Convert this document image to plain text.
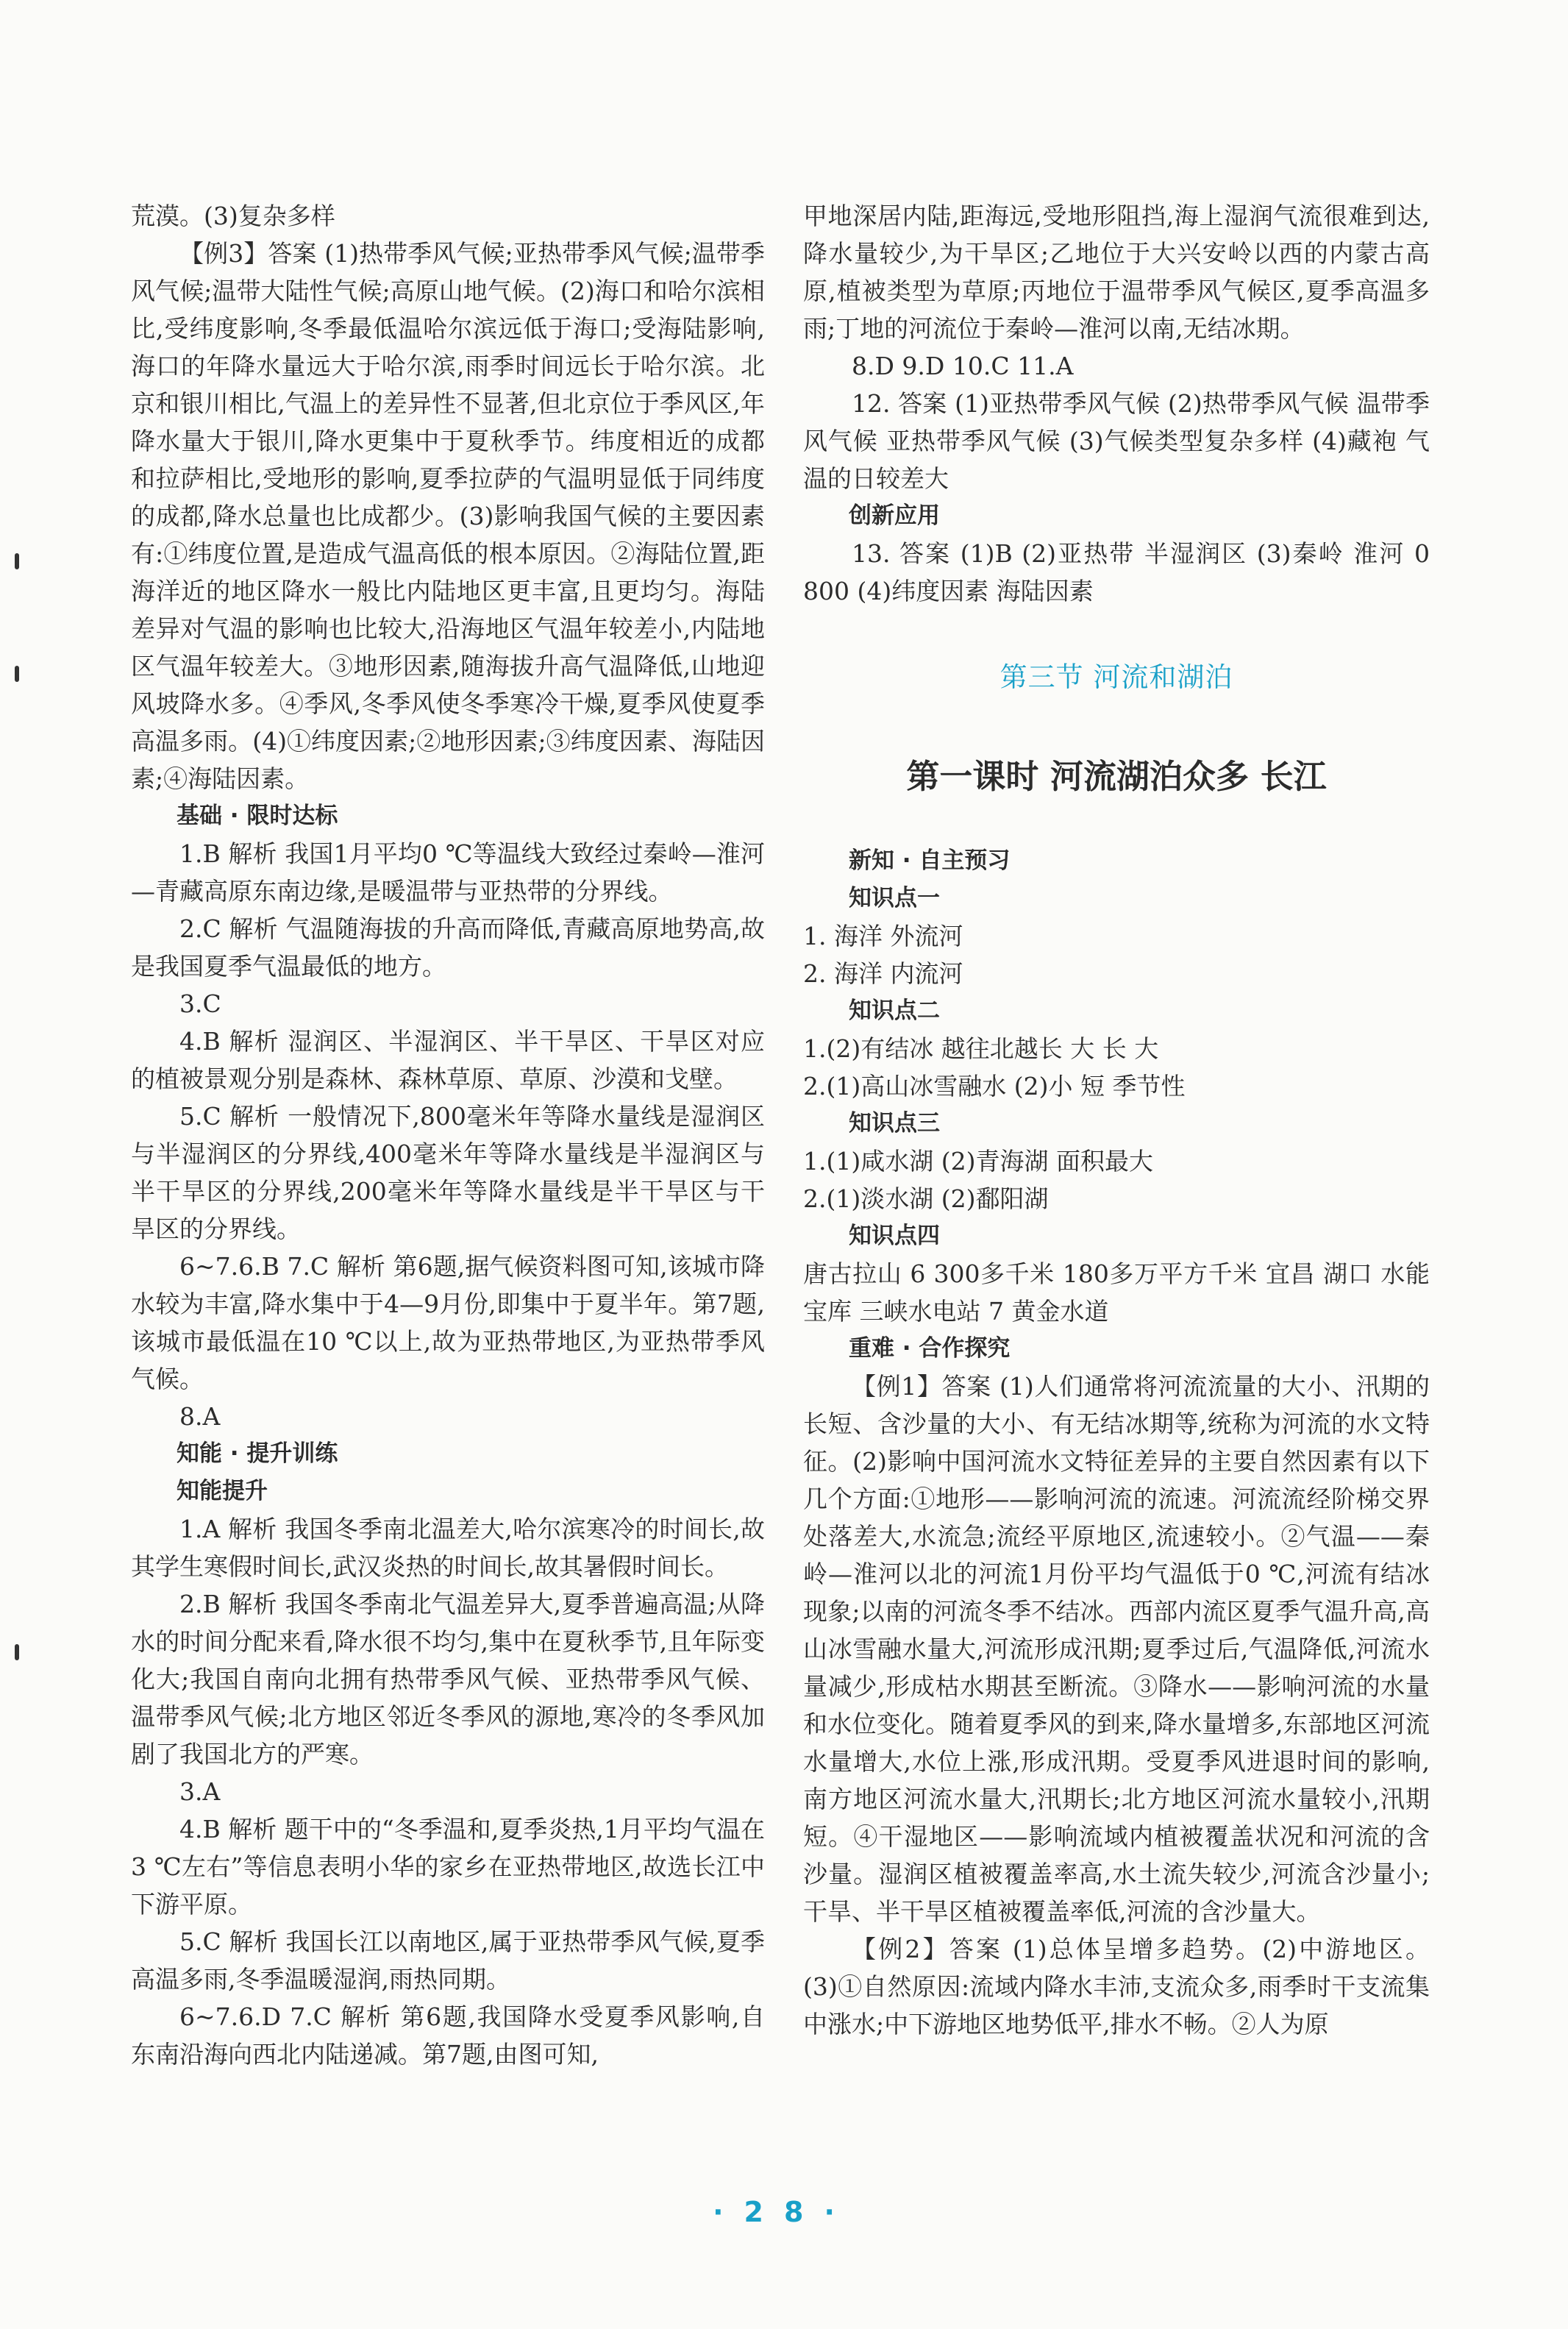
荒漠。(3)复杂多样

【例3】答案 (1)热带季风气候;亚热带季风气候;温带季风气候;温带大陆性气候;高原山地气候。(2)海口和哈尔滨相比,受纬度影响,冬季最低温哈尔滨远低于海口;受海陆影响,海口的年降水量远大于哈尔滨,雨季时间远长于哈尔滨。北京和银川相比,气温上的差异性不显著,但北京位于季风区,年降水量大于银川,降水更集中于夏秋季节。纬度相近的成都和拉萨相比,受地形的影响,夏季拉萨的气温明显低于同纬度的成都,降水总量也比成都少。(3)影响我国气候的主要因素有:①纬度位置,是造成气温高低的根本原因。②海陆位置,距海洋近的地区降水一般比内陆地区更丰富,且更均匀。海陆差异对气温的影响也比较大,沿海地区气温年较差小,内陆地区气温年较差大。③地形因素,随海拔升高气温降低,山地迎风坡降水多。④季风,冬季风使冬季寒冷干燥,夏季风使夏季高温多雨。(4)①纬度因素;②地形因素;③纬度因素、海陆因素;④海陆因素。

基础 · 限时达标

1.B 解析 我国1月平均0 ℃等温线大致经过秦岭—淮河—青藏高原东南边缘,是暖温带与亚热带的分界线。

2.C 解析 气温随海拔的升高而降低,青藏高原地势高,故是我国夏季气温最低的地方。

3.C

4.B 解析 湿润区、半湿润区、半干旱区、干旱区对应的植被景观分别是森林、森林草原、草原、沙漠和戈壁。

5.C 解析 一般情况下,800毫米年等降水量线是湿润区与半湿润区的分界线,400毫米年等降水量线是半湿润区与半干旱区的分界线,200毫米年等降水量线是半干旱区与干旱区的分界线。

6~7.6.B 7.C 解析 第6题,据气候资料图可知,该城市降水较为丰富,降水集中于4—9月份,即集中于夏半年。第7题,该城市最低温在10 ℃以上,故为亚热带地区,为亚热带季风气候。

8.A

知能 · 提升训练

知能提升

1.A 解析 我国冬季南北温差大,哈尔滨寒冷的时间长,故其学生寒假时间长,武汉炎热的时间长,故其暑假时间长。

2.B 解析 我国冬季南北气温差异大,夏季普遍高温;从降水的时间分配来看,降水很不均匀,集中在夏秋季节,且年际变化大;我国自南向北拥有热带季风气候、亚热带季风气候、温带季风气候;北方地区邻近冬季风的源地,寒冷的冬季风加剧了我国北方的严寒。

3.A

4.B 解析 题干中的“冬季温和,夏季炎热,1月平均气温在3 ℃左右”等信息表明小华的家乡在亚热带地区,故选长江中下游平原。

5.C 解析 我国长江以南地区,属于亚热带季风气候,夏季高温多雨,冬季温暖湿润,雨热同期。

6~7.6.D 7.C 解析 第6题,我国降水受夏季风影响,自东南沿海向西北内陆递减。第7题,由图可知,

甲地深居内陆,距海远,受地形阻挡,海上湿润气流很难到达,降水量较少,为干旱区;乙地位于大兴安岭以西的内蒙古高原,植被类型为草原;丙地位于温带季风气候区,夏季高温多雨;丁地的河流位于秦岭—淮河以南,无结冰期。

8.D 9.D 10.C 11.A

12. 答案 (1)亚热带季风气候 (2)热带季风气候 温带季风气候 亚热带季风气候 (3)气候类型复杂多样 (4)藏袍 气温的日较差大

创新应用

13. 答案 (1)B (2)亚热带 半湿润区 (3)秦岭 淮河 0 800 (4)纬度因素 海陆因素

第三节 河流和湖泊
第一课时 河流湖泊众多 长江

新知 · 自主预习

知识点一

1. 海洋 外流河

2. 海洋 内流河

知识点二

1.(2)有结冰 越往北越长 大 长 大

2.(1)高山冰雪融水 (2)小 短 季节性

知识点三

1.(1)咸水湖 (2)青海湖 面积最大

2.(1)淡水湖 (2)鄱阳湖

知识点四

唐古拉山 6 300多千米 180多万平方千米 宜昌 湖口 水能宝库 三峡水电站 7 黄金水道

重难 · 合作探究

【例1】答案 (1)人们通常将河流流量的大小、汛期的长短、含沙量的大小、有无结冰期等,统称为河流的水文特征。(2)影响中国河流水文特征差异的主要自然因素有以下几个方面:①地形——影响河流的流速。河流流经阶梯交界处落差大,水流急;流经平原地区,流速较小。②气温——秦岭—淮河以北的河流1月份平均气温低于0 ℃,河流有结冰现象;以南的河流冬季不结冰。西部内流区夏季气温升高,高山冰雪融水量大,河流形成汛期;夏季过后,气温降低,河流水量减少,形成枯水期甚至断流。③降水——影响河流的水量和水位变化。随着夏季风的到来,降水量增多,东部地区河流水量增大,水位上涨,形成汛期。受夏季风进退时间的影响,南方地区河流水量大,汛期长;北方地区河流水量较小,汛期短。④干湿地区——影响流域内植被覆盖状况和河流的含沙量。湿润区植被覆盖率高,水土流失较少,河流含沙量小;干旱、半干旱区植被覆盖率低,河流的含沙量大。

【例2】答案 (1)总体呈增多趋势。(2)中游地区。(3)①自然原因:流域内降水丰沛,支流众多,雨季时干支流集中涨水;中下游地区地势低平,排水不畅。②人为原

·28·
